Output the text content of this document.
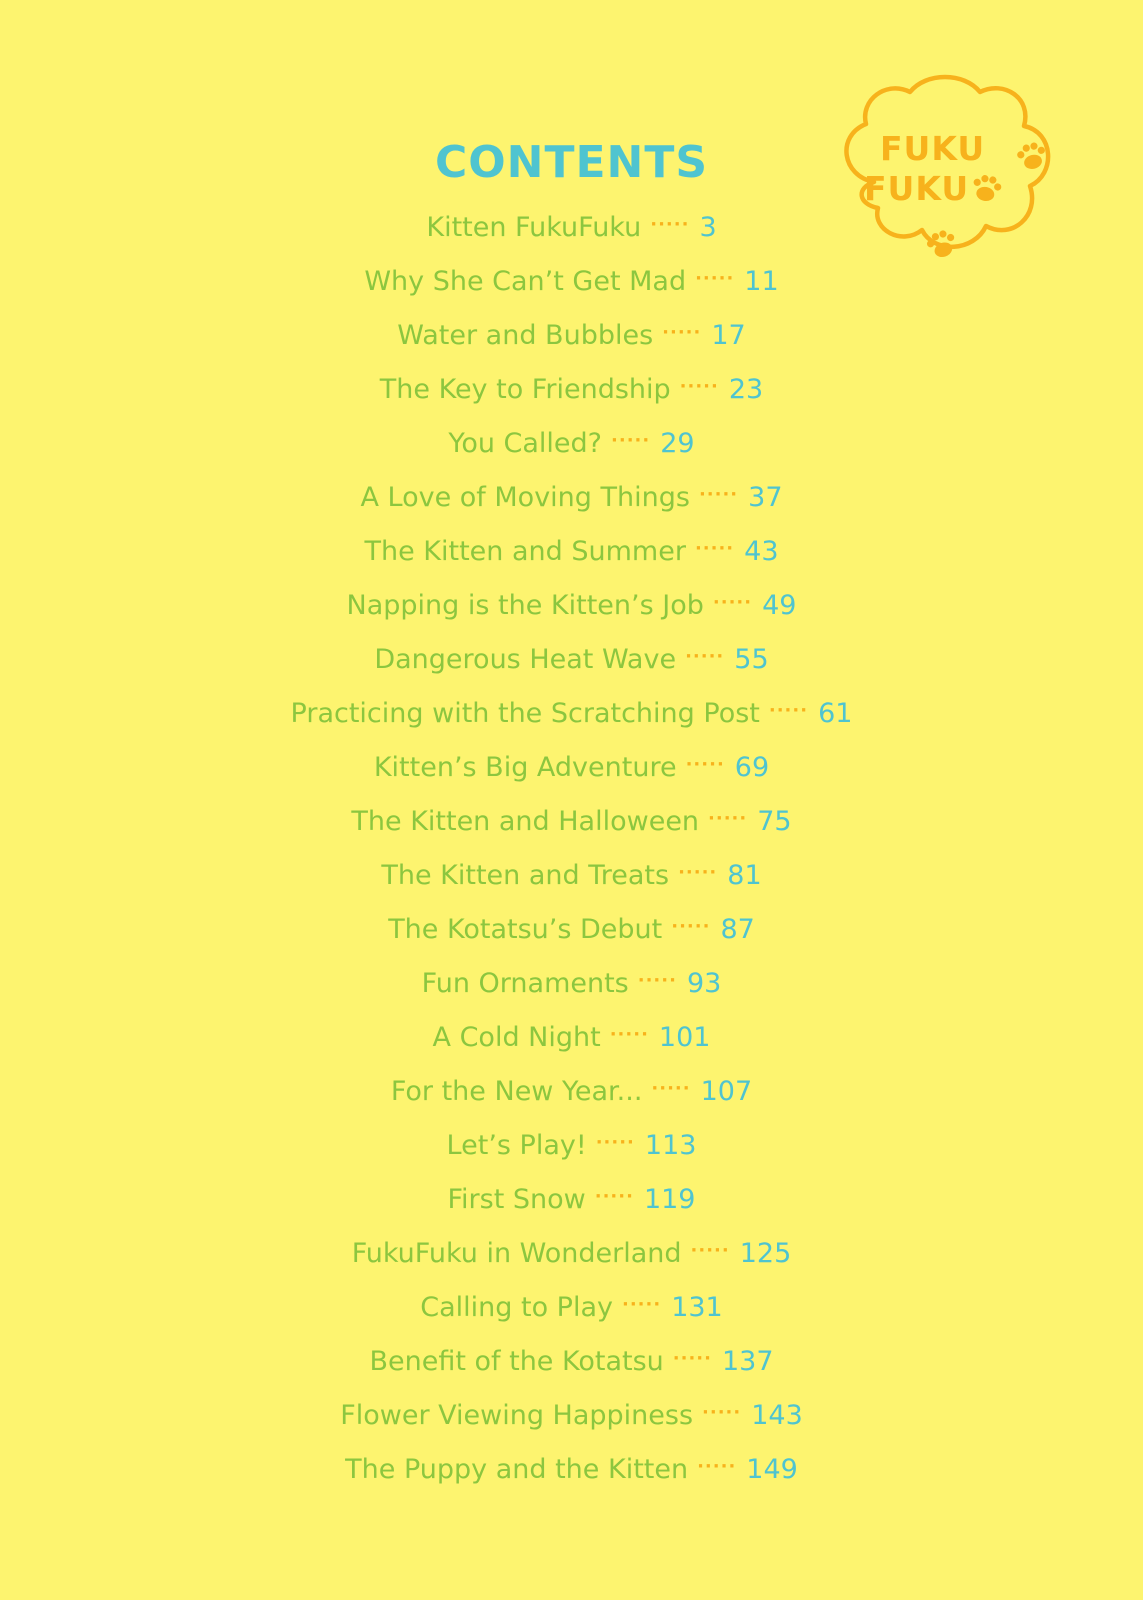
CONTENTS	FUKU
FUKU
Kitten FukuFuku ····· 3
Why She Can’t Get Mad ····· 11
Water and Bubbles ····· 17
The Key to Friendship ····· 23
You Called? ····· 29
A Love of Moving Things ····· 37
The Kitten and Summer ····· 43
Napping is the Kitten’s Job ····· 49
Dangerous Heat Wave ····· 55
Practicing with the Scratching Post ····· 61
Kitten’s Big Adventure ····· 69
The Kitten and Halloween ····· 75
The Kitten and Treats ····· 81
The Kotatsu’s Debut ····· 87
Fun Ornaments ····· 93
A Cold Night ····· 101
For the New Year... ····· 107
Let’s Play! ····· 113
First Snow ····· 119
FukuFuku in Wonderland ····· 125
Calling to Play ····· 131
Benefit of the Kotatsu ····· 137
Flower Viewing Happiness ····· 143
The Puppy and the Kitten ····· 149
